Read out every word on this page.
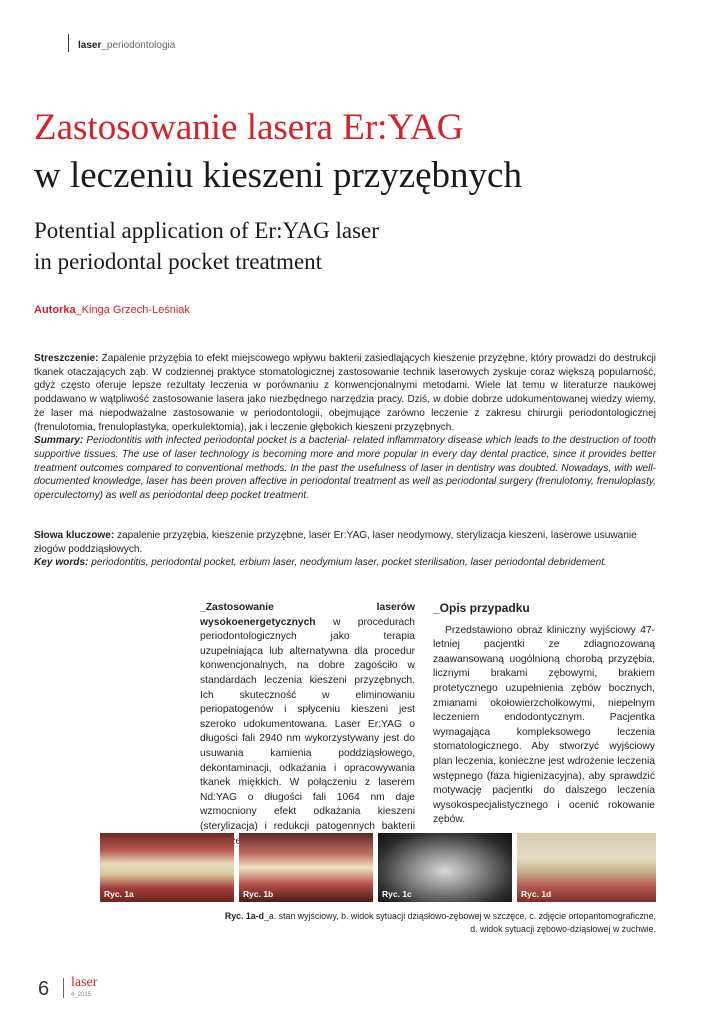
laser_periodontologia
Zastosowanie lasera Er:YAG
w leczeniu kieszeni przyzębnych
Potential application of Er:YAG laser
in periodontal pocket treatment
Autorka_Kinga Grzech-Leśniak

Streszczenie: Zapalenie przyzębia to efekt miejscowego wpływu bakterii zasiedlających kieszenie przyzębne, który prowadzi do destrukcji tkanek otaczających ząb. W codziennej praktyce stomatologicznej zastosowanie technik laserowych zyskuje coraz większą popularność, gdyż często oferuje lepsze rezultaty leczenia w porównaniu z konwencjonalnymi metodami. Wiele lat temu w literaturze naukowej poddawano w wątpliwość zastosowanie lasera jako niezbędnego narzędzia pracy. Dziś, w dobie dobrze udokumentowanej wiedzy wiemy, że laser ma niepodważalne zastosowanie w periodontologii, obejmujące zarówno leczenie z zakresu chirurgii periodontologicznej (frenulotomia, frenuloplastyka, operkulektomia), jak i leczenie głębokich kieszeni przyzębnych.

Summary: Periodontitis with infected periodontal pocket is a bacterial- related inflammatory disease which leads to the destruction of tooth supportive tissues. The use of laser technology is becoming more and more popular in every day dental practice, since it provides better treatment outcomes compared to conventional methods. In the past the usefulness of laser in dentistry was doubted. Nowadays, with well-documented knowledge, laser has been proven affective in periodontal treatment as well as periodontal surgery (frenulotomy, frenuloplasty, operculectomy) as well as periodontal deep pocket treatment.

Słowa kluczowe: zapalenie przyzębia, kieszenie przyzębne, laser Er:YAG, laser neodymowy, sterylizacja kieszeni, laserowe usuwanie złogów poddziąsłowych.

Key words: periodontitis, periodontal pocket, erbium laser, neodymium laser, pocket sterilisation, laser periodontal debridement.

_Zastosowanie laserów wysokoenergetycznych w procedurach periodontologicznych jako terapia uzupełniająca lub alternatywna dla procedur konwencjonalnych, na dobre zagościło w standardach leczenia kieszeni przyzębnych. Ich skuteczność w eliminowaniu periopatogenów i spłyceniu kieszeni jest szeroko udokumentowana. Laser Er:YAG o długości fali 2940 nm wykorzystywany jest do usuwania kamienia poddziąsłowego, dekontaminacji, odkażania i opracowywania tkanek miękkich. W połączeniu z laserem Nd:YAG o długości fali 1064 nm daje wzmocniony efekt odkażania kieszeni (sterylizacja) i redukcji patogennych bakterii

_Opis przypadku

Przedstawiono obraz kliniczny wyjściowy 47-letniej pacjentki ze zdiagnozowaną zaawansowaną uogólnioną chorobą przyzębia, licznymi brakami zębowymi, brakiem protetycznego uzupełnienia zębów bocznych, zmianami okołowierzchołkowymi, niepełnym leczeniem endodontycznym. Pacjentka wymagająca kompleksowego leczenia stomatologicznego. Aby stworzyć wyjściowy plan leczenia, konieczne jest wdrożenie leczenia wstępnego (faza higienizacyjna), aby sprawdzić motywację pacjentki do dalszego leczenia wysokospecjalistycznego i ocenić rokowanie zębów.

Ryc. 1a	Ryc. 1b	Ryc. 1c	Ryc. 1d
Ryc. 1a-d_a. stan wyjściowy, b. widok sytuacji dziąsłowo-zębowej w szczęce, c. zdjęcie ortopantomograficzne,
d. widok sytuacji zębowo-dziąsłowej w żuchwie.
6 laser
4_2015
